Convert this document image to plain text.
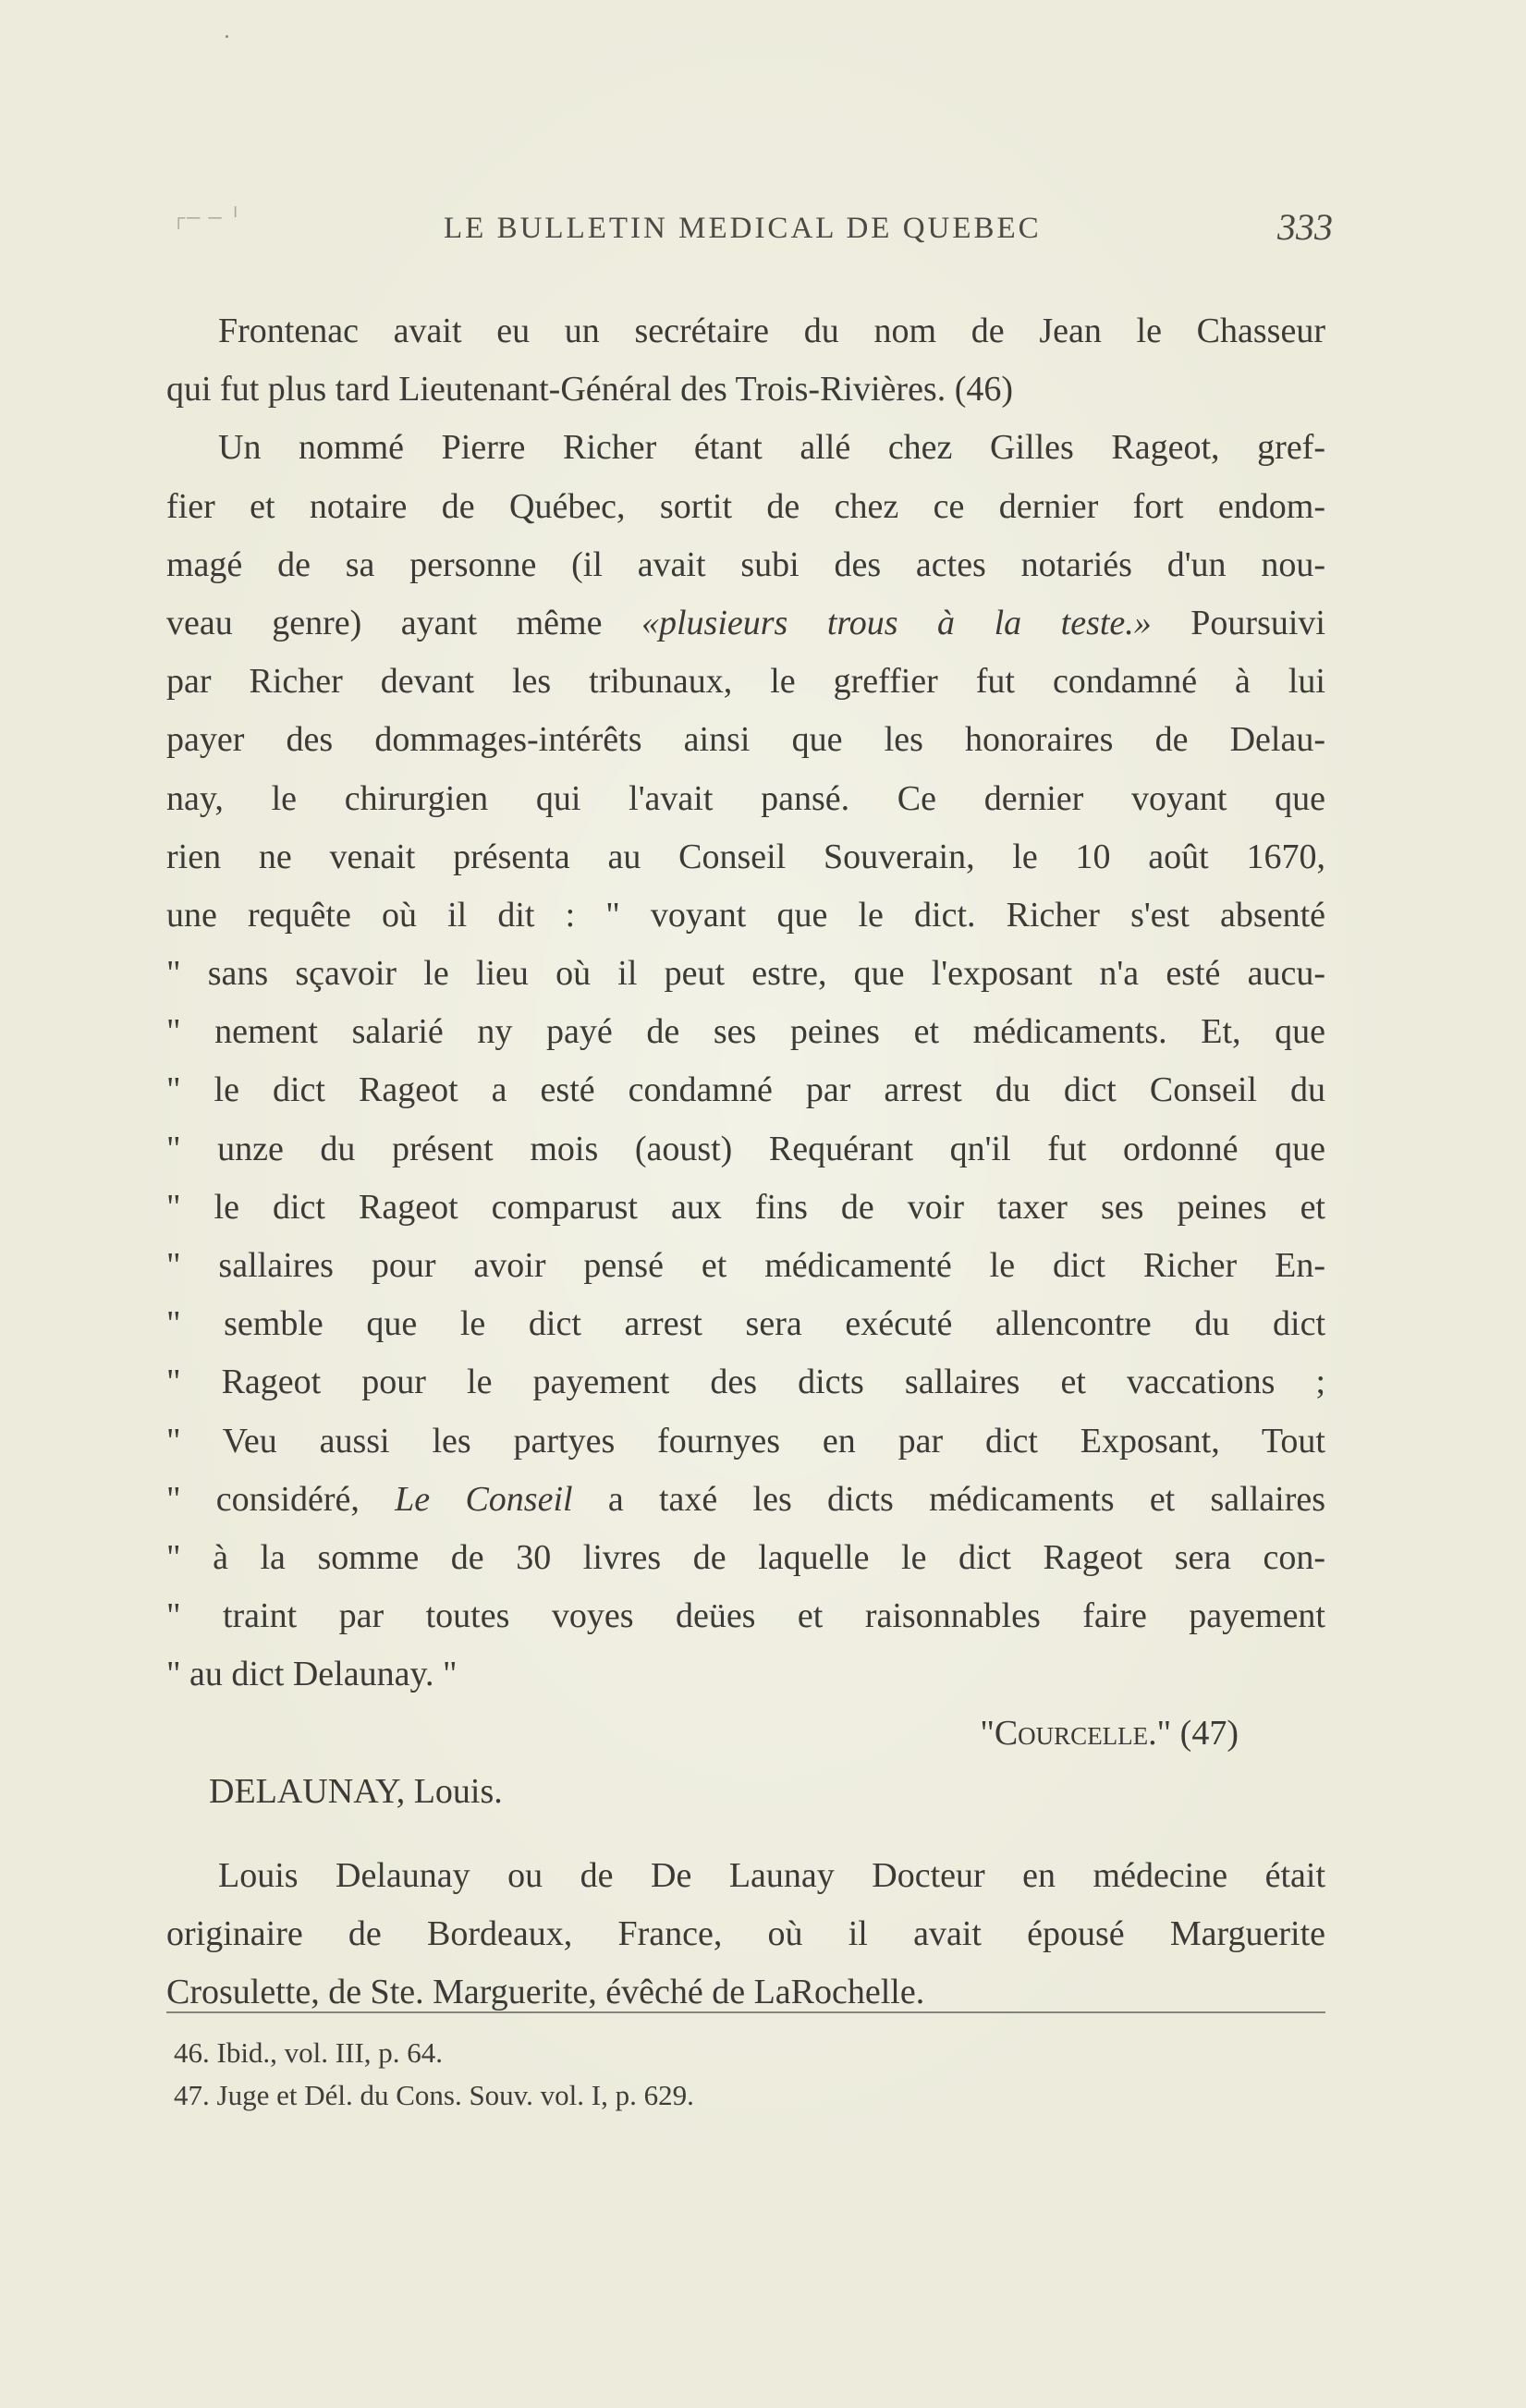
┌─ ─ ╵	LE BULLETIN MEDICAL DE QUEBEC	333
Frontenac avait eu un secrétaire du nom de Jean le Chasseur
qui fut plus tard Lieutenant-Général des Trois-Rivières. (46)
Un nommé Pierre Richer étant allé chez Gilles Rageot, gref-
fier et notaire de Québec, sortit de chez ce dernier fort endom-
magé de sa personne (il avait subi des actes notariés d'un nou-
veau genre) ayant même «plusieurs trous à la teste.» Poursuivi
par Richer devant les tribunaux, le greffier fut condamné à lui
payer des dommages-intérêts ainsi que les honoraires de Delau-
nay, le chirurgien qui l'avait pansé. Ce dernier voyant que
rien ne venait présenta au Conseil Souverain, le 10 août 1670,
une requête où il dit : " voyant que le dict. Richer s'est absenté
" sans sçavoir le lieu où il peut estre, que l'exposant n'a esté aucu-
" nement salarié ny payé de ses peines et médicaments. Et, que
" le dict Rageot a esté condamné par arrest du dict Conseil du
" unze du présent mois (aoust) Requérant qn'il fut ordonné que
" le dict Rageot comparust aux fins de voir taxer ses peines et
" sallaires pour avoir pensé et médicamenté le dict Richer En-
" semble que le dict arrest sera exécuté allencontre du dict
" Rageot pour le payement des dicts sallaires et vaccations ;
" Veu aussi les partyes fournyes en par dict Exposant, Tout
" considéré, Le Conseil a taxé les dicts médicaments et sallaires
" à la somme de 30 livres de laquelle le dict Rageot sera con-
" traint par toutes voyes deües et raisonnables faire payement
" au dict Delaunay. "
"Courcelle." (47)
DELAUNAY, Louis.
Louis Delaunay ou de De Launay Docteur en médecine était
originaire de Bordeaux, France, où il avait épousé Marguerite
Crosulette, de Ste. Marguerite, évêché de LaRochelle.
46. Ibid., vol. III, p. 64.
47. Juge et Dél. du Cons. Souv. vol. I, p. 629.
